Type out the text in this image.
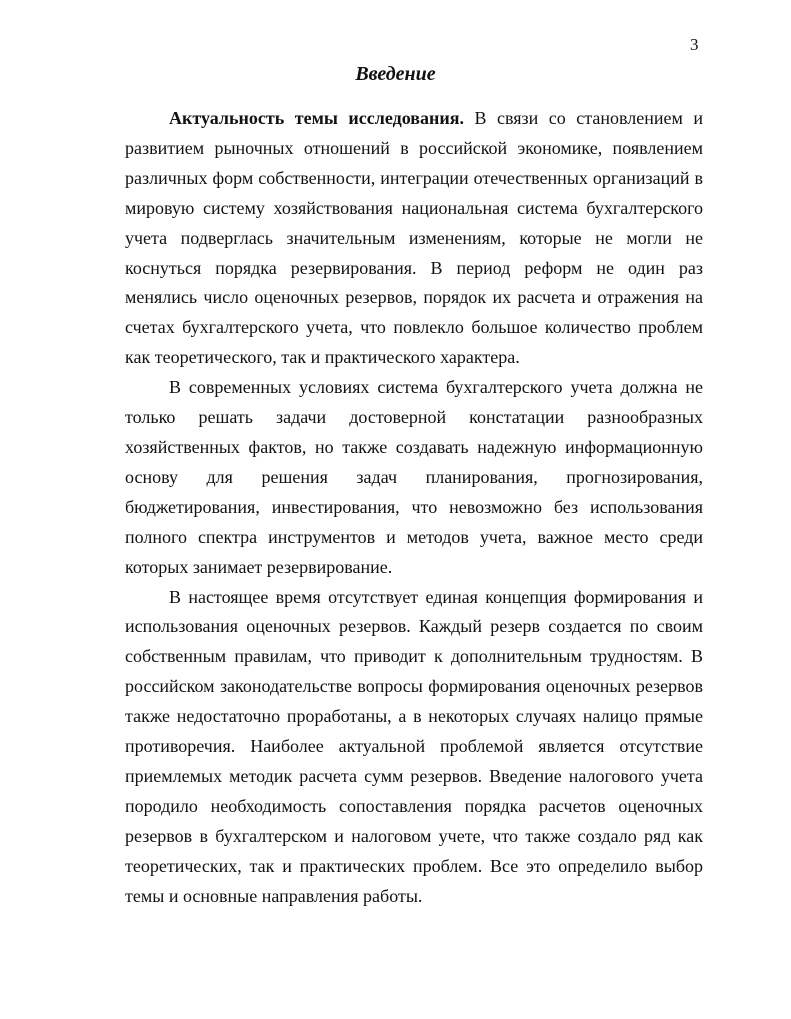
3
Введение

Актуальность темы исследования. В связи со становлением и развитием рыночных отношений в российской экономике, появлением различных форм собственности, интеграции отечественных организаций в мировую систему хозяйствования национальная система бухгалтерского учета подверглась значительным изменениям, которые не могли не коснуться порядка резервирования. В период реформ не один раз менялись число оценочных резервов, порядок их расчета и отражения на счетах бухгалтерского учета, что повлекло большое количество проблем как теоретического, так и практического характера.

В современных условиях система бухгалтерского учета должна не только решать задачи достоверной констатации разнообразных хозяйственных фактов, но также создавать надежную информационную основу для решения задач планирования, прогнозирования, бюджетирования, инвестирования, что невозможно без использования полного спектра инструментов и методов учета, важное место среди которых занимает резервирование.

В настоящее время отсутствует единая концепция формирования и использования оценочных резервов. Каждый резерв создается по своим собственным правилам, что приводит к дополнительным трудностям. В российском законодательстве вопросы формирования оценочных резервов также недостаточно проработаны, а в некоторых случаях налицо прямые противоречия. Наиболее актуальной проблемой является отсутствие приемлемых методик расчета сумм резервов. Введение налогового учета породило необходимость сопоставления порядка расчетов оценочных резервов в бухгалтерском и налоговом учете, что также создало ряд как теоретических, так и практических проблем. Все это определило выбор темы и основные направления работы.
